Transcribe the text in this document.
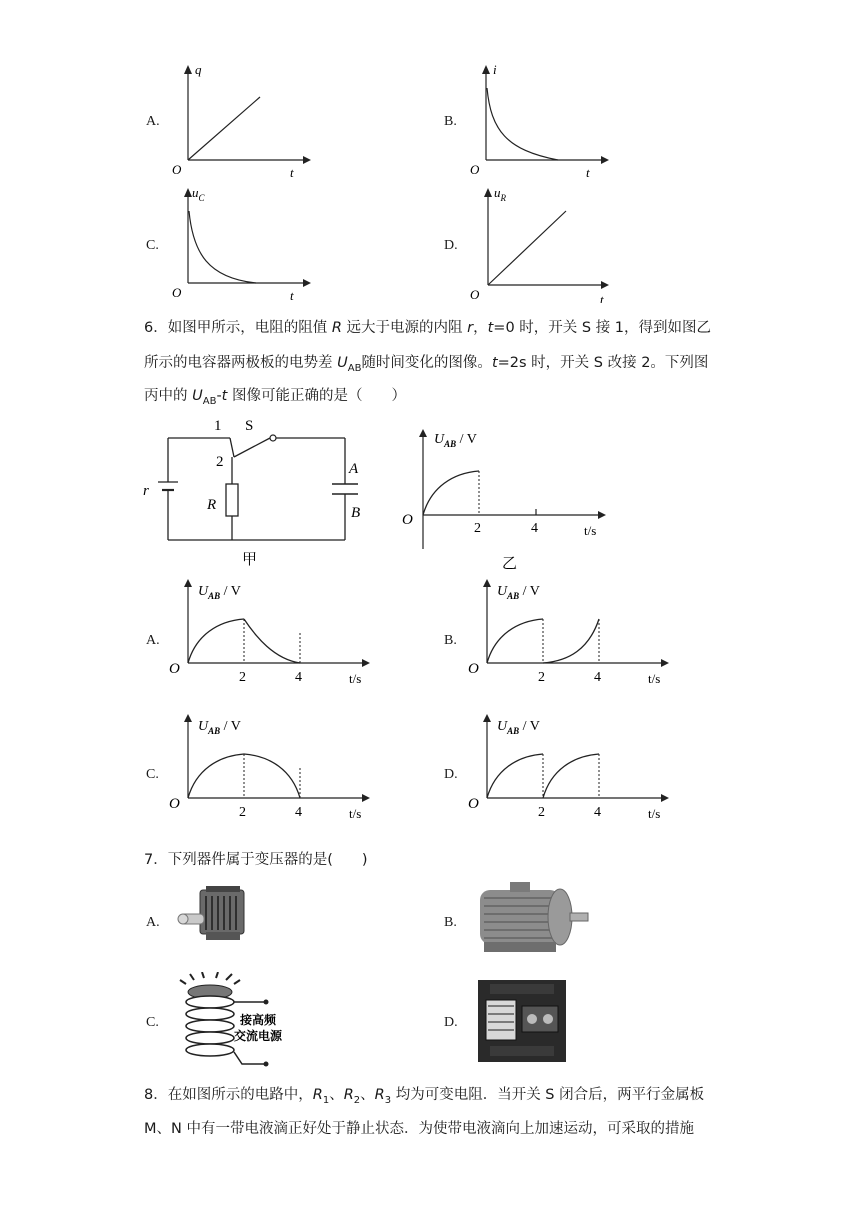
A.
q
O	t
B.
i
O	t
C.
$u_C$
O	t
D.
$u_R$
O	t
6．如图甲所示，电阻的阻值 R 远大于电源的内阻 r，t=0 时，开关 S 接 1，得到如图乙
所示的电容器两极板的电势差 $U_{AB}$随时间变化的图像。t=2s 时，开关 S 改接 2。下列图
丙中的 $U_{AB}-t$ 图像可能正确的是（　　）
1 S
2
r
R
A
B
甲
$U_{AB}$ / V
O
2	4	t/s
乙
A.
$U_{AB}$ / V
O
2	4	t/s
B.
$U_{AB}$ / V
O
2	4	t/s
C.
$U_{AB}$ / V
O
2	4	t/s
D.
$U_{AB}$ / V
O
2	4	t/s
7．下列器件属于变压器的是(　　)
A.	B.
C.	接高频
交流电源
D.
8．在如图所示的电路中，$R_1$、$R_2$、$R_3$ 均为可变电阻．当开关 S 闭合后，两平行金属板
M、N 中有一带电液滴正好处于静止状态．为使带电液滴向上加速运动，可采取的措施
